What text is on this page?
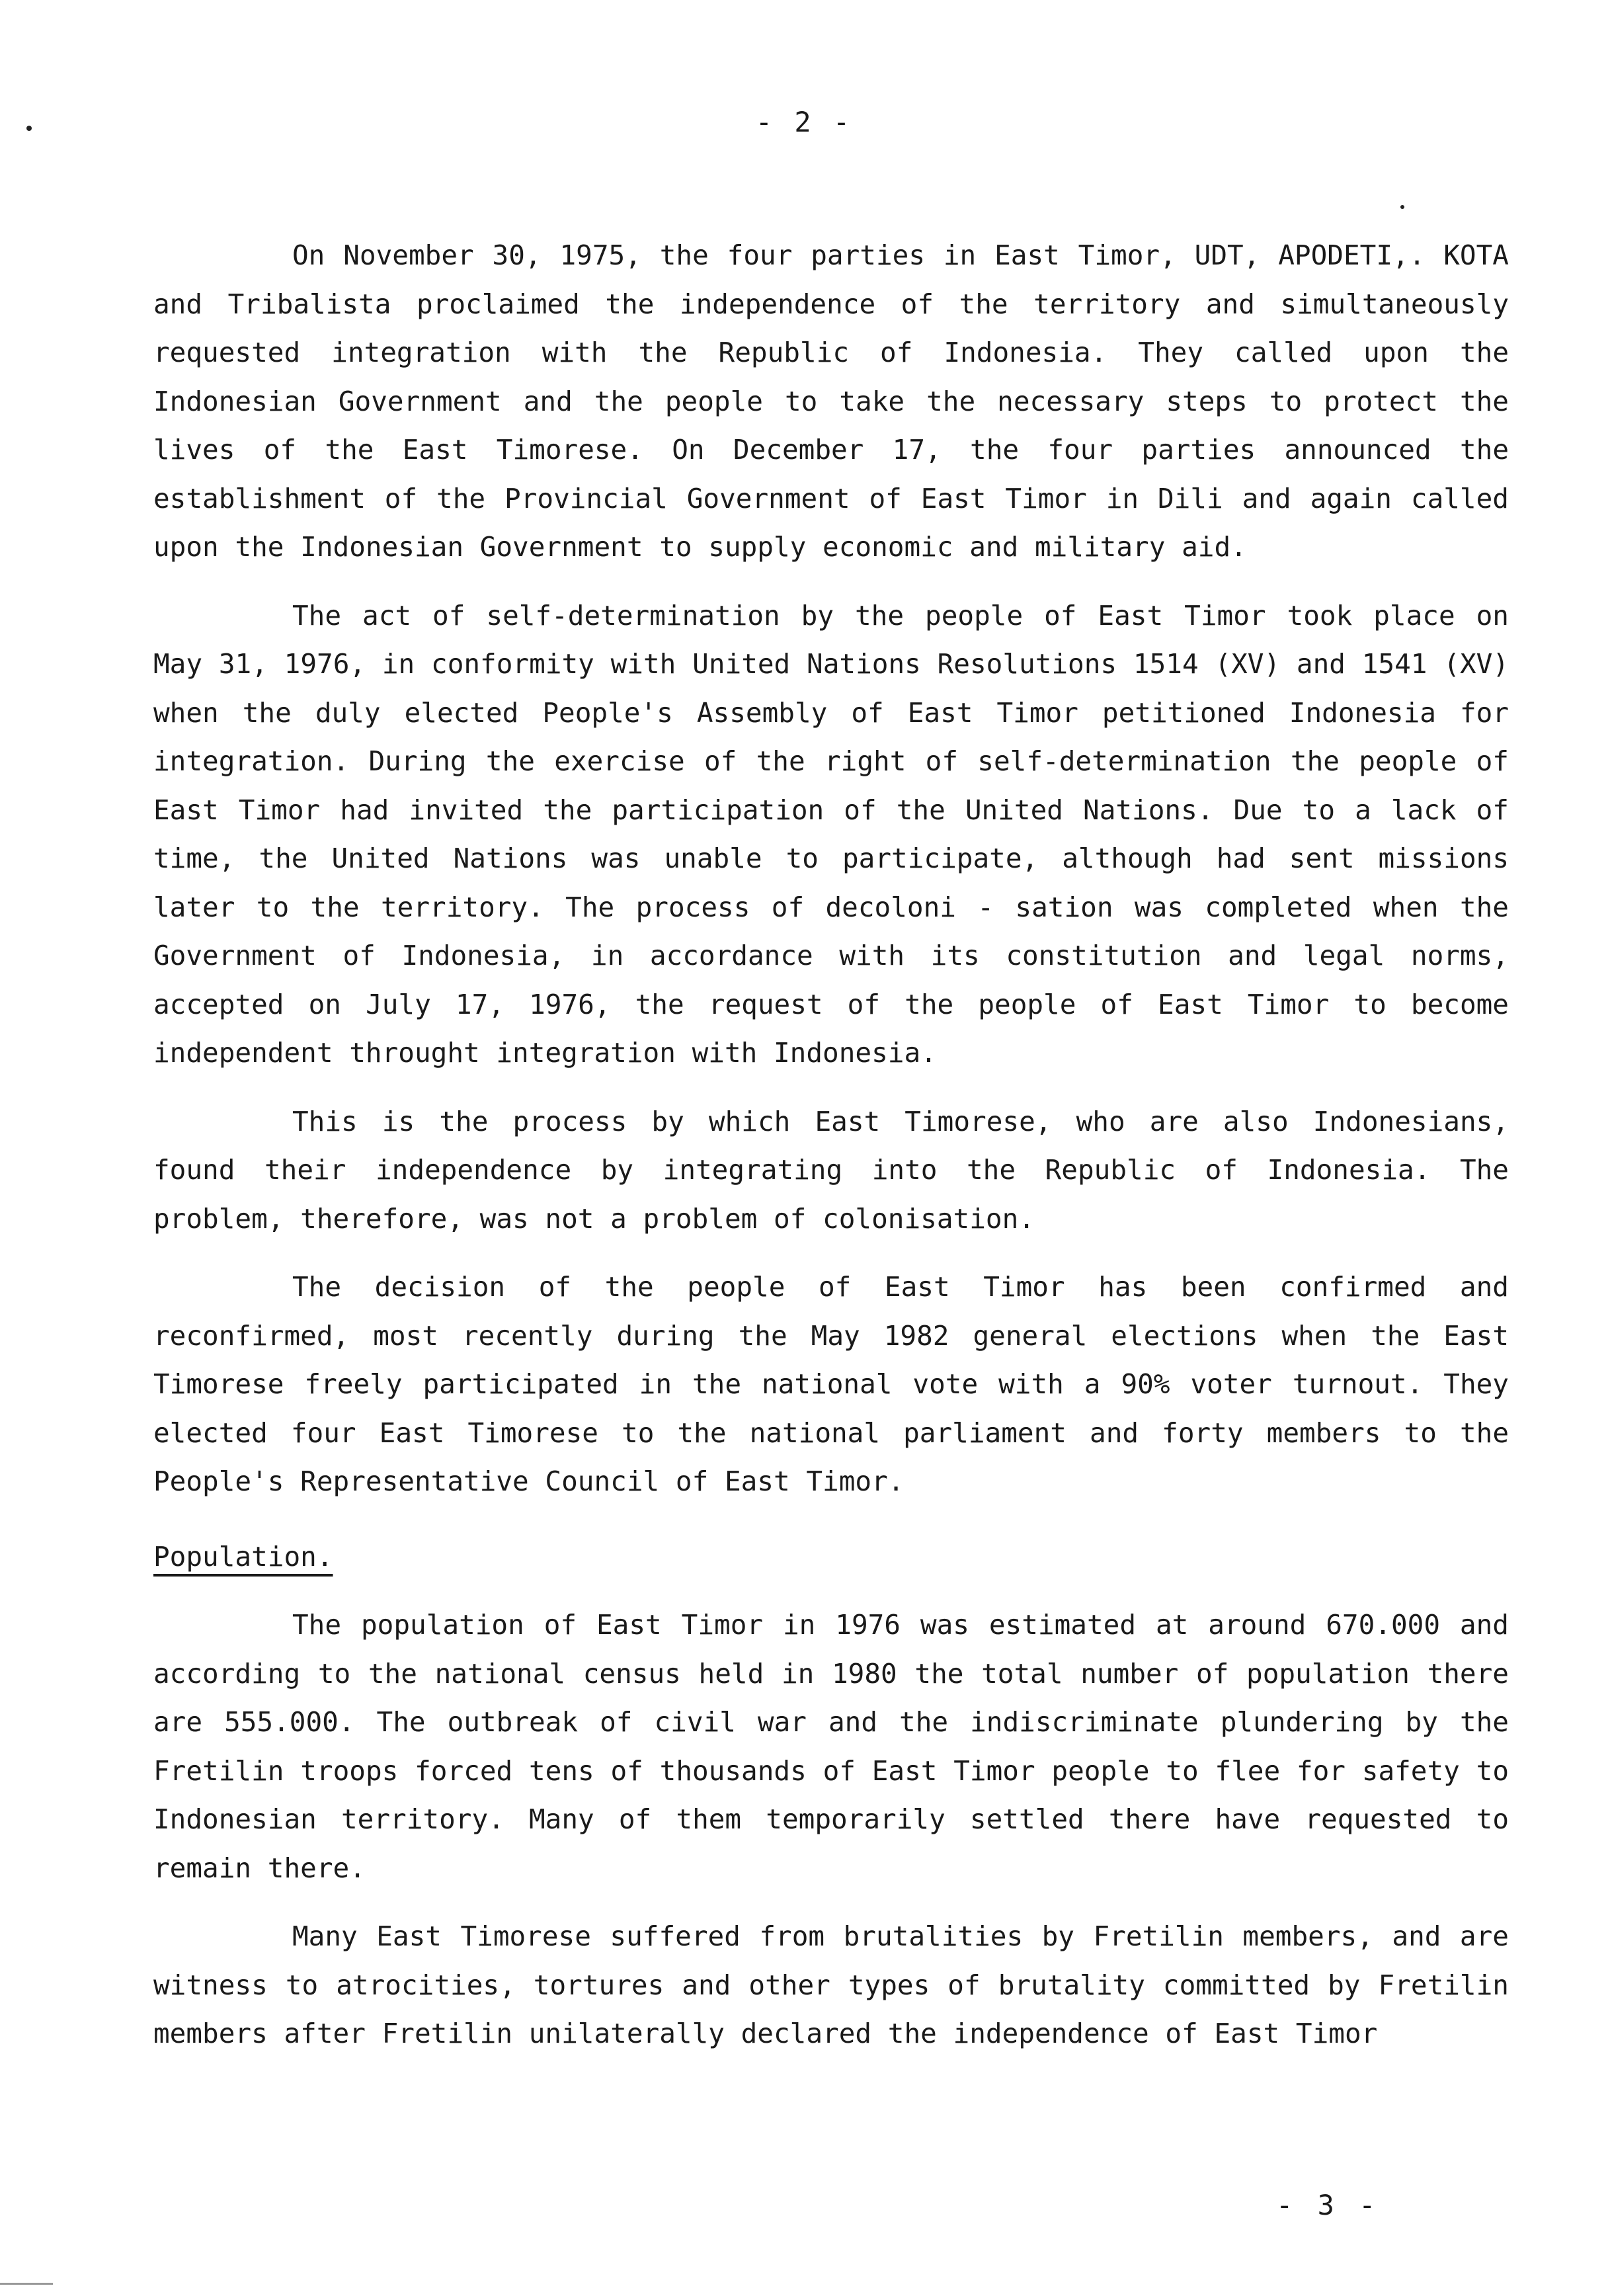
- 2 -

On November 30, 1975, the four parties in East Timor, UDT, APODETI,. KOTA and Tribalista proclaimed the independence of the territory and simultaneously requested integration with the Republic of Indonesia. They called upon the Indonesian Government and the people to take the necessary steps to protect the lives of the East Timorese. On December 17, the four parties announced the establishment of the Provincial Government of East Timor in Dili and again called upon the Indonesian Government to supply economic and military aid.

The act of self-determination by the people of East Timor took place on May 31, 1976, in conformity with United Nations Resolutions 1514 (XV) and 1541 (XV) when the duly elected People's Assembly of East Timor petitioned Indonesia for integration. During the exercise of the right of self-determination the people of East Timor had invited the participation of the United Nations. Due to a lack of time, the United Nations was unable to participate, although had sent missions later to the territory. The process of decoloni - sation was completed when the Government of Indonesia, in accordance with its constitution and legal norms, accepted on July 17, 1976, the request of the people of East Timor to become independent throught integration with Indonesia.

This is the process by which East Timorese, who are also Indonesians, found their independence by integrating into the Republic of Indonesia. The problem, therefore, was not a problem of colonisation.

The decision of the people of East Timor has been confirmed and reconfirmed, most recently during the May 1982 general elections when the East Timorese freely participated in the national vote with a 90% voter turnout. They elected four East Timorese to the national parliament and forty members to the People's Representative Council of East Timor.

Population.

The population of East Timor in 1976 was estimated at around 670.000 and according to the national census held in 1980 the total number of population there are 555.000. The outbreak of civil war and the indiscriminate plundering by the Fretilin troops forced tens of thousands of East Timor people to flee for safety to Indonesian territory. Many of them temporarily settled there have requested to remain there.

Many East Timorese suffered from brutalities by Fretilin members, and are witness to atrocities, tortures and other types of brutality committed by Fretilin members after Fretilin unilaterally declared the independence of East Timor

- 3 -
